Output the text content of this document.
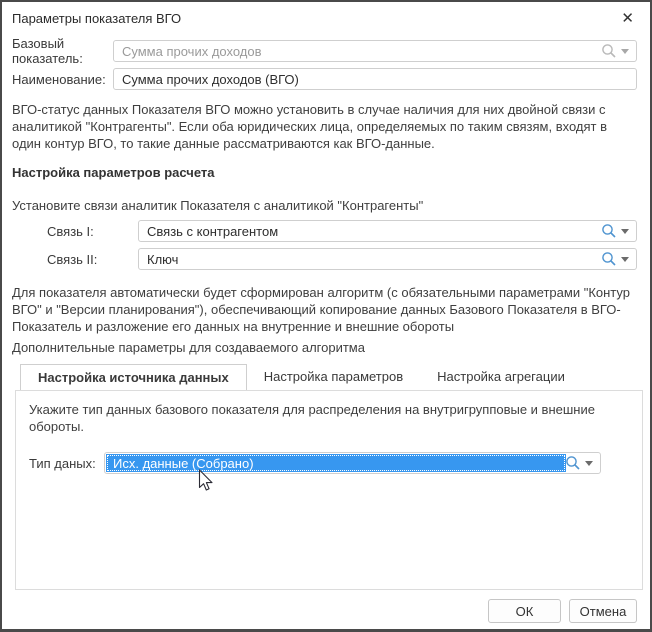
Параметры показателя ВГО	✕
Базовый показатель:	Сумма прочих доходов
Наименование:	Сумма прочих доходов (ВГО)

ВГО-статус данных Показателя ВГО можно установить в случае наличия для них двойной связи с аналитикой "Контрагенты". Если оба юридических лица, определяемых по таким связям, входят в один контур ВГО, то такие данные рассматриваются как ВГО-данные.

Настройка параметров расчета

Установите связи аналитик Показателя с аналитикой "Контрагенты"

Связь I:	Связь с контрагентом
Связь II:	Ключ

Для показателя автоматически будет сформирован алгоритм (с обязательными параметрами "Контур ВГО" и "Версии планирования"), обеспечивающий копирование данных Базового Показателя в ВГО-Показатель и разложение его данных на внутренние и внешние обороты

Дополнительные параметры для создаваемого алгоритма

Настройка источника данных	Настройка параметров	Настройка агрегации

Укажите тип данных базового показателя для распределения на внутригрупповые и внешние обороты.

Тип даных:	Исх. данные (Собрано)
ОК	Отмена
